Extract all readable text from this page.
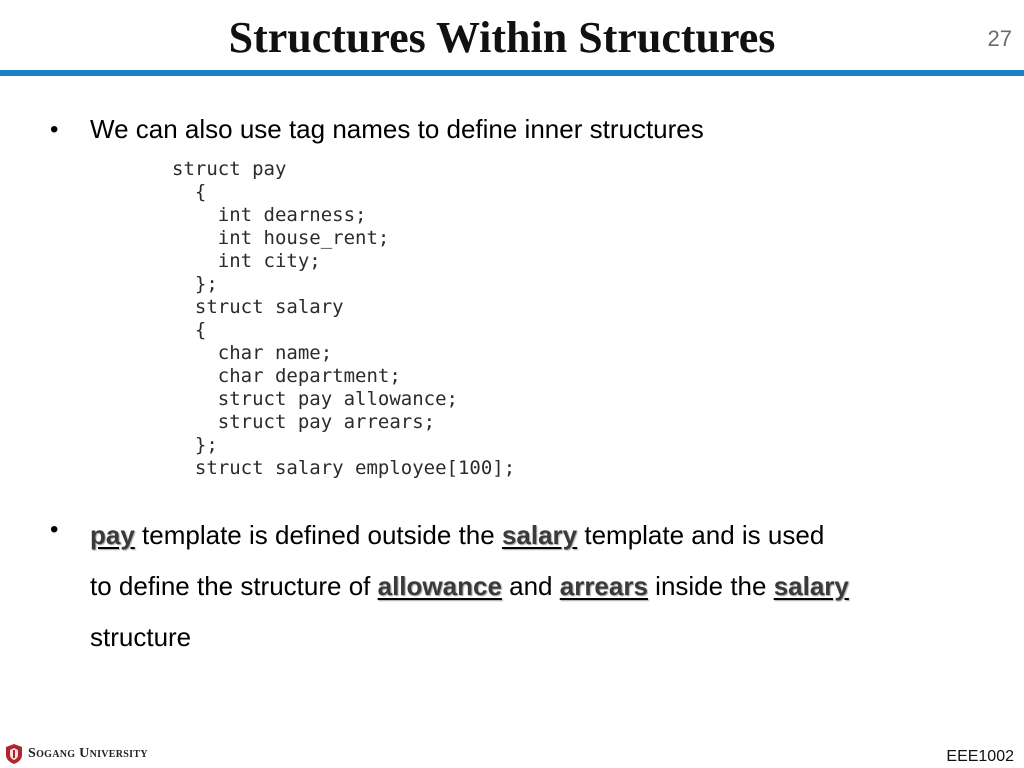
Structures Within Structures	27
• We can also use tag names to define inner structures
struct pay
{
int dearness;
int house_rent;
int city;
};
struct salary
{
char name;
char department;
struct pay allowance;
struct pay arrears;
};
struct salary employee[100];
• pay template is defined outside the salary template and is used
to define the structure of allowance and arrears inside the salary
structure
Sogang University	EEE1002
